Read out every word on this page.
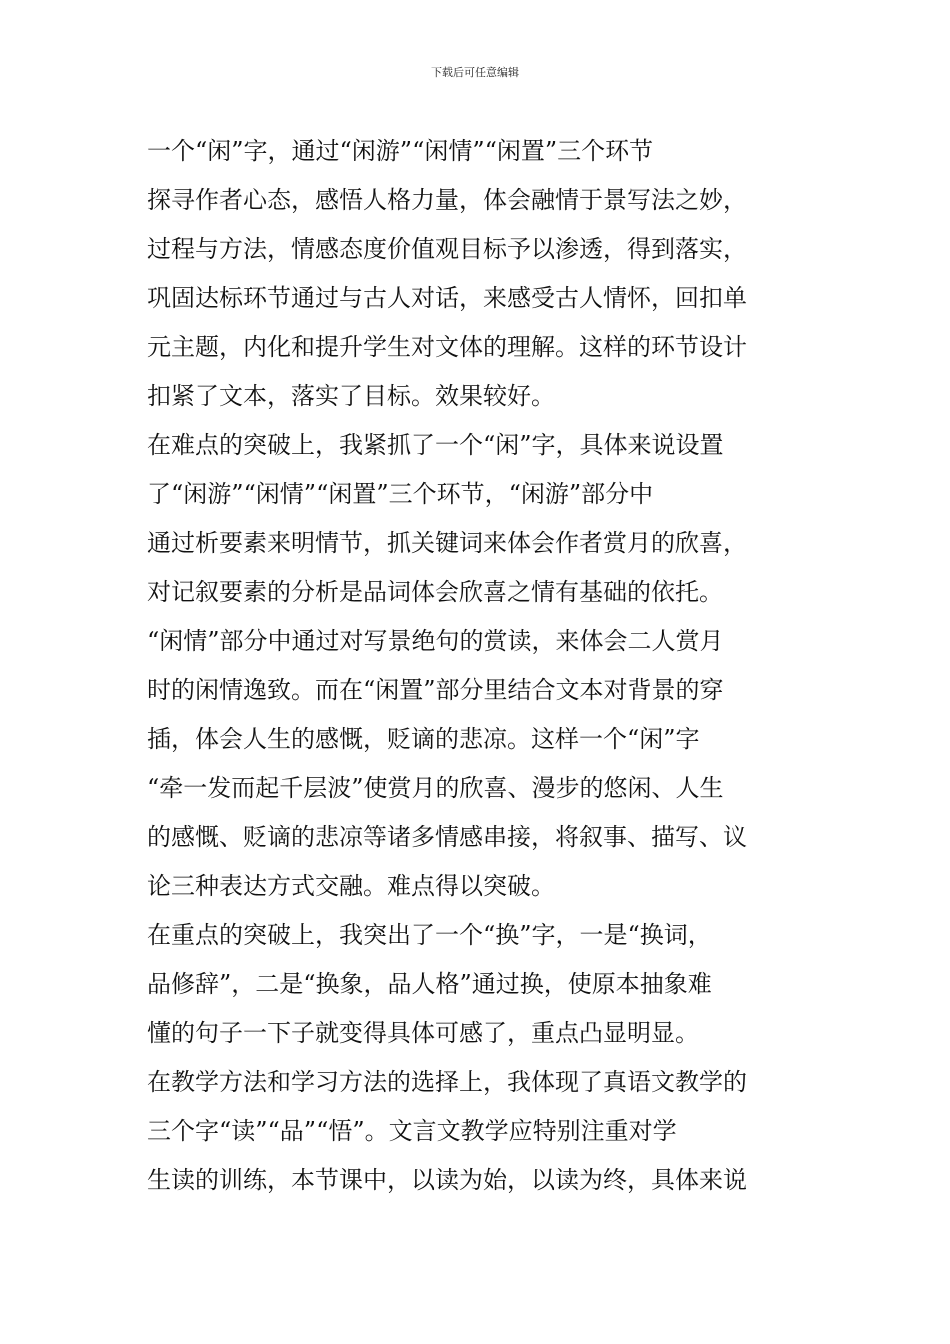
下载后可任意编辑
一个“闲”字，通过“闲游”“闲情”“闲置”三个环节
探寻作者心态，感悟人格力量，体会融情于景写法之妙，
过程与方法，情感态度价值观目标予以渗透，得到落实，
巩固达标环节通过与古人对话，来感受古人情怀，回扣单
元主题，内化和提升学生对文体的理解。这样的环节设计
扣紧了文本，落实了目标。效果较好。
在难点的突破上，我紧抓了一个“闲”字，具体来说设置
了“闲游”“闲情”“闲置”三个环节，“闲游”部分中
通过析要素来明情节，抓关键词来体会作者赏月的欣喜，
对记叙要素的分析是品词体会欣喜之情有基础的依托。
“闲情”部分中通过对写景绝句的赏读，来体会二人赏月
时的闲情逸致。而在“闲置”部分里结合文本对背景的穿
插，体会人生的感慨，贬谪的悲凉。这样一个“闲”字
“牵一发而起千层波”使赏月的欣喜、漫步的悠闲、人生
的感慨、贬谪的悲凉等诸多情感串接，将叙事、描写、议
论三种表达方式交融。难点得以突破。
在重点的突破上，我突出了一个“换”字，一是“换词，
品修辞”，二是“换象，品人格”通过换，使原本抽象难
懂的句子一下子就变得具体可感了，重点凸显明显。
在教学方法和学习方法的选择上，我体现了真语文教学的
三个字“读”“品”“悟”。文言文教学应特别注重对学
生读的训练，本节课中，以读为始，以读为终，具体来说
